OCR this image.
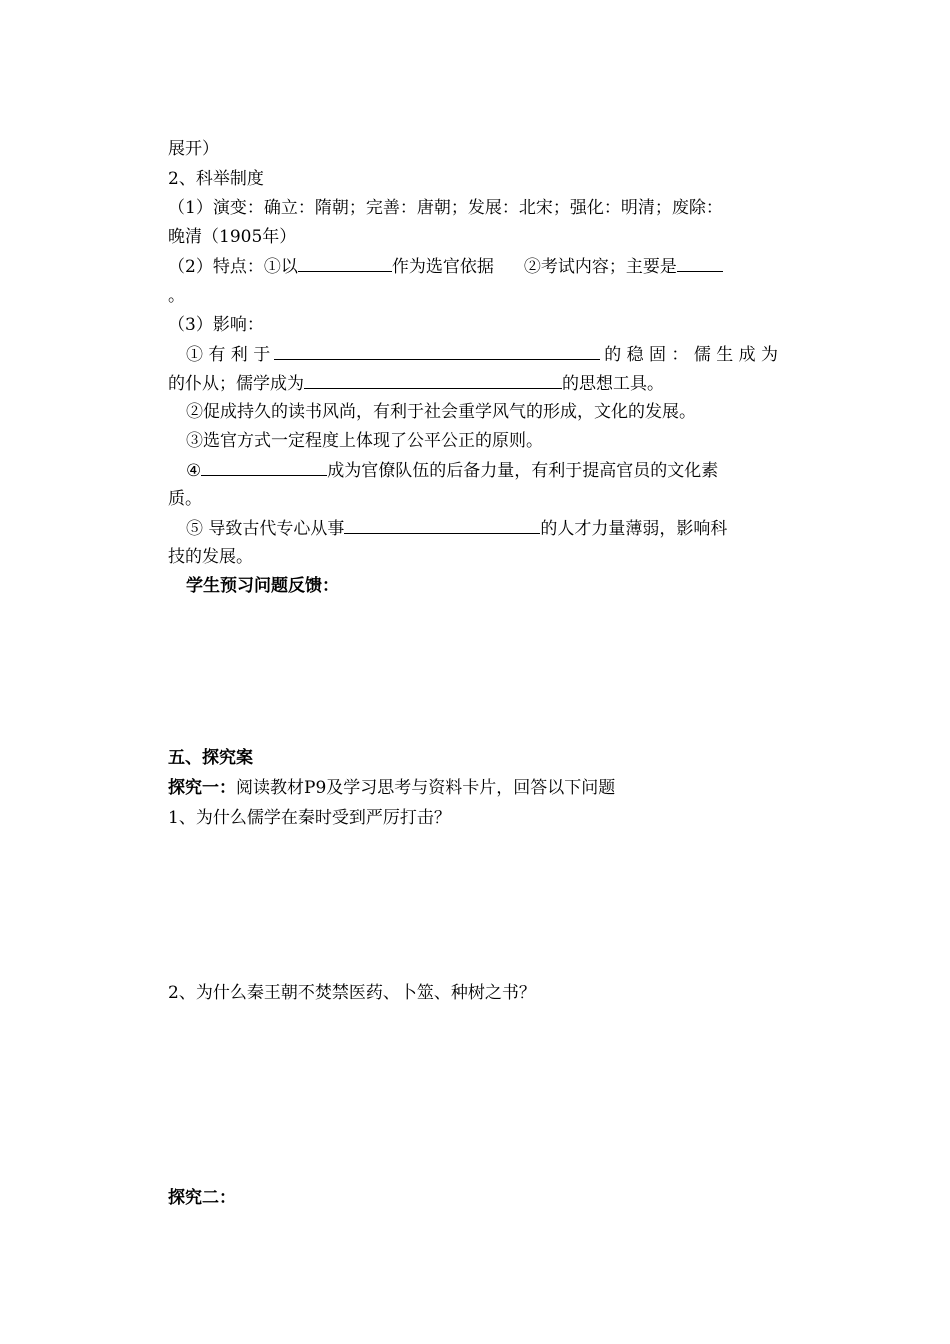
展开）
2、科举制度
（1）演变：确立：隋朝；完善：唐朝；发展：北宋；强化：明清；废除：
晚清（1905年）
（2）特点：①以	作为选官依据 ②考试内容；主要是
。
（3）影响：
① 有 利 于	的 稳 固 ： 儒 生 成 为
的仆从；儒学成为	的思想工具。
②促成持久的读书风尚，有利于社会重学风气的形成，文化的发展。
③选官方式一定程度上体现了公平公正的原则。
④	成为官僚队伍的后备力量，有利于提高官员的文化素
质。
⑤ 导致古代专心从事	的人才力量薄弱，影响科
技的发展。
学生预习问题反馈：
五、探究案
探究一：阅读教材P9及学习思考与资料卡片，回答以下问题
1、为什么儒学在秦时受到严厉打击？
2、为什么秦王朝不焚禁医药、卜筮、种树之书？
探究二：
